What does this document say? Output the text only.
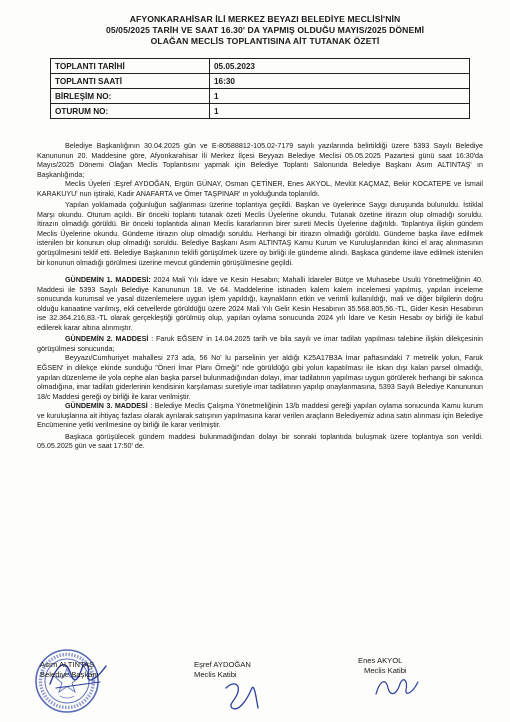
AFYONKARAHİSAR İLİ MERKEZ BEYAZI BELEDİYE MECLİSİ'NİN
05/05/2025 TARİH VE SAAT 16.30' DA YAPMIŞ OLDUĞU MAYIS/2025 DÖNEMİ
OLAĞAN MECLİS TOPLANTISINA AİT TUTANAK ÖZETİ
TOPLANTI TARİHİ	05.05.2023
TOPLANTI SAATİ	16:30
BİRLEŞİM NO:	1
OTURUM NO:	1

Belediye Başkanlığının 30.04.2025 gün ve E-80588812-105.02-7179 sayılı yazılarında belirtildiği üzere 5393 Sayılı Belediye Kanununun 20. Maddesine göre, Afyonkarahisar İli Merkez İlçesi Beyyazı Belediye Meclisi 05.05.2025 Pazartesi günü saat 16:30'da Mayıs/2025 Dönemi Olağan Meclis Toplantısını yapmak için Belediye Toplantı Salonunda Belediye Başkanı Asım ALTINTAŞ' ın Başkanlığında;

Meclis Üyeleri :Eşref AYDOĞAN, Ergün GÜNAY, Osman ÇETİNER, Enes AKYOL, Mevlüt KAÇMAZ, Bekir KOCATEPE ve İsmail KARAKUYU' nun iştiraki, Kadir ANAFARTA ve Ömer TAŞPINAR' ın yokluğunda toplanıldı.

Yapılan yoklamada çoğunluğun sağlanması üzerine toplantıya geçildi. Başkan ve üyelerince Saygı duruşunda bulunuldu. İstiklal Marşı okundu. Oturum açıldı. Bir önceki toplantı tutanak özeti Meclis Üyelerine okundu. Tutanak özetine itirazın olup olmadığı soruldu. İtirazın olmadığı görüldü. Bir önceki toplantıda alınan Meclis kararlarının birer sureti Meclis Üyelerine dağıtıldı. Toplantıya ilişkin gündem Meclis Üyelerine okundu. Gündeme itirazın olup olmadığı soruldu. Herhangi bir itirazın olmadığı görüldü. Gündeme başka ilave edilmek istenilen bir konunun olup olmadığı soruldu. Belediye Başkanı Asım ALTINTAŞ Kamu Kurum ve Kuruluşlarından ikinci el araç alınmasının görüşülmesini teklif etti. Belediye Başkanının teklifi görüşülmek üzere oy birliği ile gündeme alındı. Başkaca gündeme ilave edilmek istenilen bir konunun olmadığı görülmesi üzerine mevcut gündemin görüşülmesine geçildi.

GÜNDEMİN 1. MADDESİ: 2024 Mali Yılı İdare ve Kesin Hesabın; Mahalli İdareler Bütçe ve Muhasebe Usulü Yönetmeliğinin 40. Maddesi ile 5393 Sayılı Belediye Kanununun 18. Ve 64. Maddelerine istinaden kalem kalem incelemesi yapılmış, yapılan inceleme sonucunda kurumsal ve yasal düzenlemelere uygun işlem yapıldığı, kaynakların etkin ve verimli kullanıldığı, mali ve diğer bilgilerin doğru olduğu kanaatine varılmış, ekli cetvellerde görüldüğü üzere 2024 Mali Yılı Gelir Kesin Hesabının 35.568.805,56.-TL, Gider Kesin Hesabının ise 32.364.216,83.-TL olarak gerçekleştiği görülmüş olup, yapılan oylama sonucunda 2024 yılı İdare ve Kesin Hesabı oy birliği ile kabul edilerek karar altına alınmıştır.

GÜNDEMİN 2. MADDESİ : Faruk EĞSEN' in 14.04.2025 tarih ve bila sayılı ve imar tadilatı yapılması talebine ilişkin dilekçesinin görüşülmesi sonucunda;

Beyyazı/Cumhuriyet mahallesi 273 ada, 56 No' lu parselinin yer aldığı K25A17B3A İmar paftasındaki 7 metrelik yolun, Faruk EĞSEN' in dilekçe ekinde sunduğu "Öneri İmar Planı Örneği" nde görüldüğü gibi yolun kapatılması ile iskan dışı kalan parsel olmadığı, yapılan düzenleme ile yola cephe alan başka parsel bulunmadığından dolayı, imar tadilatının yapılması uygun görülerek herhangi bir sakınca olmadığına, imar tadilatı giderlerinin kendisinin karşılaması suretiyle imar tadilatının yapılıp onaylanmasına, 5393 Sayılı Belediye Kanununun 18/c Maddesi gereği oy birliği ile karar verilmiştir.

GÜNDEMİN 3. MADDESİ : Belediye Meclis Çalışma Yönetmeliğinin 13/b maddesi gereği yapılan oylama sonucunda Kamu kurum ve kuruluşlarına ait ihtiyaç fazlası olarak ayrılarak satışının yapılmasına karar verilen araçların Belediyemiz adına satın alınması için Belediye Encümenine yetki verilmesine oy birliği ile karar verilmiştir.

Başkaca görüşülecek gündem maddesi bulunmadığından dolayı bir sonraki toplantıda buluşmak üzere toplantıya son verildi. 05.05.2025 gün ve saat 17:50' de.

Asım ALTINTAŞ
Belediye Başkanı
Eşref AYDOĞAN
Meclis Katibi
Enes AKYOL
Meclis Katibi
